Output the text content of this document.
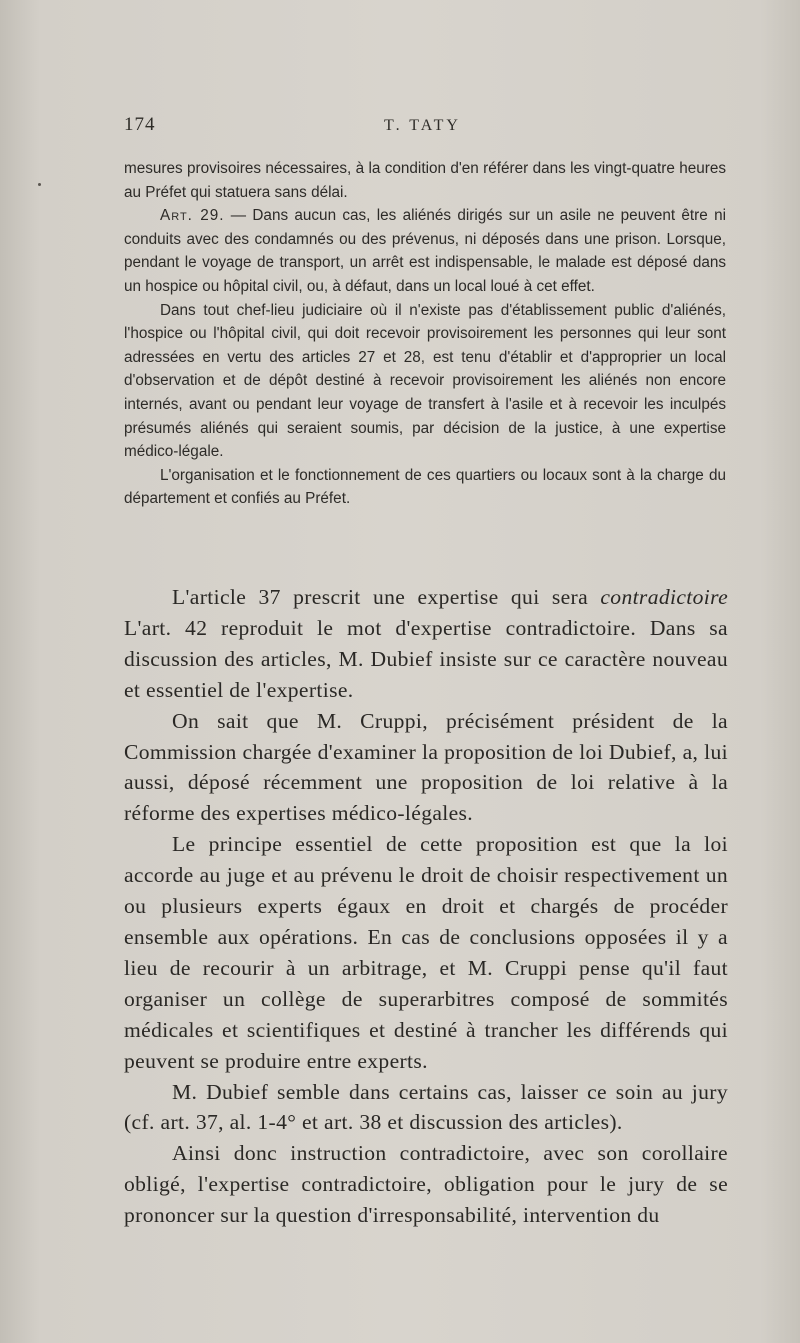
174	T. TATY

mesures provisoires nécessaires, à la condition d'en référer dans les vingt-quatre heures au Préfet qui statuera sans délai.

Art. 29. — Dans aucun cas, les aliénés dirigés sur un asile ne peuvent être ni conduits avec des condamnés ou des prévenus, ni déposés dans une prison. Lorsque, pendant le voyage de transport, un arrêt est indispensable, le malade est déposé dans un hospice ou hôpital civil, ou, à défaut, dans un local loué à cet effet.

Dans tout chef-lieu judiciaire où il n'existe pas d'établissement public d'aliénés, l'hospice ou l'hôpital civil, qui doit recevoir provisoirement les personnes qui leur sont adressées en vertu des articles 27 et 28, est tenu d'établir et d'approprier un local d'observation et de dépôt destiné à recevoir provisoirement les aliénés non encore internés, avant ou pendant leur voyage de transfert à l'asile et à recevoir les inculpés présumés aliénés qui seraient soumis, par décision de la justice, à une expertise médico-légale.

L'organisation et le fonctionnement de ces quartiers ou locaux sont à la charge du département et confiés au Préfet.

L'article 37 prescrit une expertise qui sera contradictoire L'art. 42 reproduit le mot d'expertise contradictoire. Dans sa discussion des articles, M. Dubief insiste sur ce caractère nouveau et essentiel de l'expertise.

On sait que M. Cruppi, précisément président de la Commission chargée d'examiner la proposition de loi Dubief, a, lui aussi, déposé récemment une proposition de loi relative à la réforme des expertises médico-légales.

Le principe essentiel de cette proposition est que la loi accorde au juge et au prévenu le droit de choisir respectivement un ou plusieurs experts égaux en droit et chargés de procéder ensemble aux opérations. En cas de conclusions opposées il y a lieu de recourir à un arbitrage, et M. Cruppi pense qu'il faut organiser un collège de superarbitres composé de sommités médicales et scientifiques et destiné à trancher les différends qui peuvent se produire entre experts.

M. Dubief semble dans certains cas, laisser ce soin au jury (cf. art. 37, al. 1-4° et art. 38 et discussion des articles).

Ainsi donc instruction contradictoire, avec son corollaire obligé, l'expertise contradictoire, obligation pour le jury de se prononcer sur la question d'irresponsabilité, intervention du
